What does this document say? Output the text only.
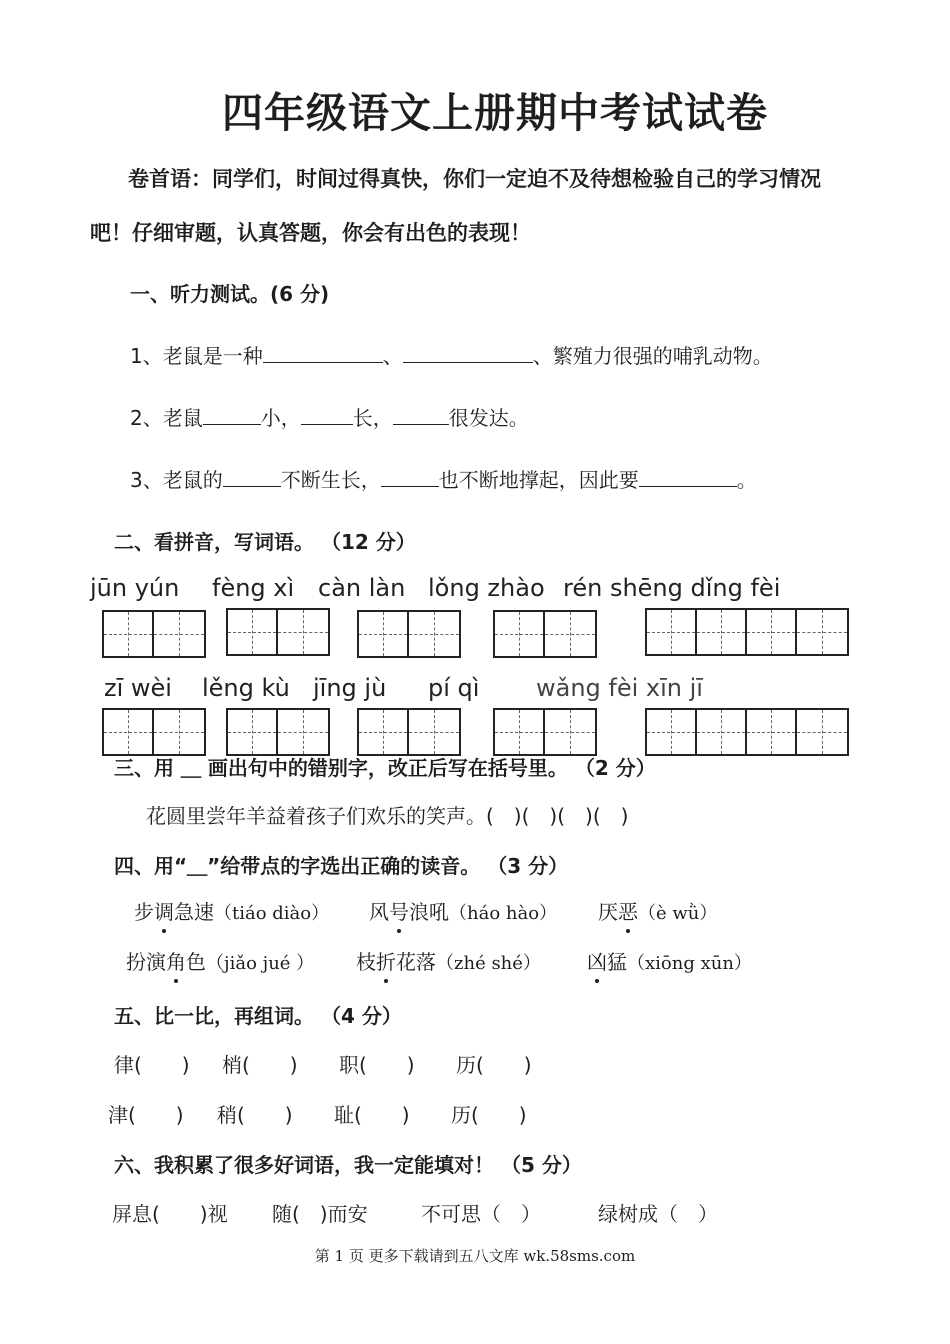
四年级语文上册期中考试试卷
卷首语：同学们，时间过得真快，你们一定迫不及待想检验自己的学习情况吧！仔细审题，认真答题，你会有出色的表现！
一、听力测试。(6 分)
1、老鼠是一种	、	、繁殖力很强的哺乳动物。
2、老鼠	小，	长，	很发达。
3、老鼠的	不断生长，	也不断地撑起，因此要	。
二、看拼音，写词语。 （12 分）
jūn yún fèng xì càn làn lǒng zhào rén shēng dǐng fèi
zī wèi lěng kù jīng jù pí qì wǎng fèi xīn jī
三、用 ＿ 画出句中的错别字，改正后写在括号里。 （2 分）
花圆里尝年羊益着孩子们欢乐的笑声。(　)(　)(　)(　)
四、用“＿”给带点的字选出正确的读音。 （3 分）
步调急速（tiáo diào） 风号浪吼（háo hào） 厌恶（è wǜ）
扮演角色（jiǎo jué ） 枝折花落（zhé shé） 凶猛（xiōng xūn）
五、比一比，再组词。 （4 分）
律(　　) 梢(　　) 职(　　) 历(　　)
津(　　) 稍(　　) 耻(　　) 历(　　)
六、我积累了很多好词语，我一定能填对！ （5 分）
屏息(　　)视 随(　)而安	不可思（　）	绿树成（　）
第 1 页 更多下载请到五八文库 wk.58sms.com
